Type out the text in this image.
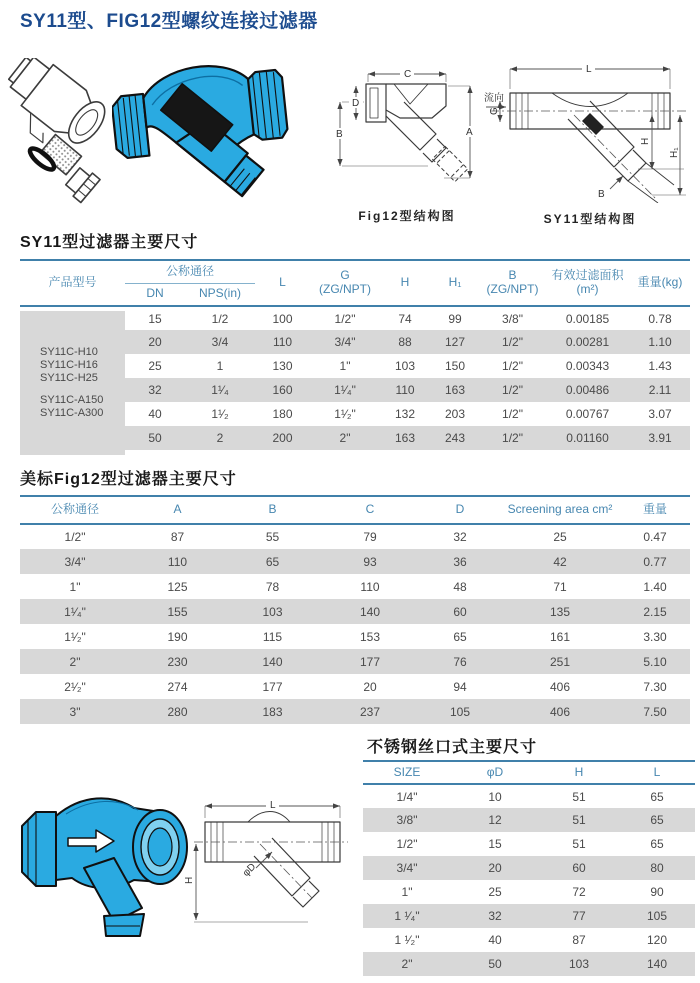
SY11型、FIG12型螺纹连接过滤器
C
D
B	A
Fig12型结构图
L
流向
G
H
H₁
B
SY11型结构图
SY11型过滤器主要尺寸
产品型号	公称通径	L	G
(ZG/NPT)	H	H₁	B
(ZG/NPT)

有效过滤面积
(m²)	重量(kg)
	DN	NPS(in)							
	15	1/2	100	1/2"	74	99	3/8"	0.00185	0.78
	20	3/4	110	3/4"	88	127	1/2"	0.00281	1.10
	25	1	130	1"	103	150	1/2"	0.00343	1.43
	32	1¹⁄₄	160	1¹⁄₄"	110	163	1/2"	0.00486	2.11
	40	1¹⁄₂	180	1¹⁄₂"	132	203	1/2"	0.00767	3.07
	50	2	200	2"	163	243	1/2"	0.01160	3.91
SY11C-H10
SY11C-H16
SY11C-H25
SY11C-A150
SY11C-A300
美标Fig12型过滤器主要尺寸
公称通径	A	B	C	D	Screening area cm²	重量
1/2"	87	55	79	32	25	0.47
3/4"	110	65	93	36	42	0.77
1"	125	78	110	48	71	1.40
1¹⁄₄"	155	103	140	60	135	2.15
1¹⁄₂"	190	115	153	65	161	3.30
2"	230	140	177	76	251	5.10
2¹⁄₂"	274	177	20	94	406	7.30
3"	280	183	237	105	406	7.50
不锈钢丝口式主要尺寸
SIZE	φD	H	L
1/4"	10	51	65
3/8"	12	51	65
1/2"	15	51	65
3/4"	20	60	80
1"	25	72	90
1 ¹⁄₄"	32	77	105
1 ¹⁄₂"	40	87	120
2"	50	103	140
L
H
φD
